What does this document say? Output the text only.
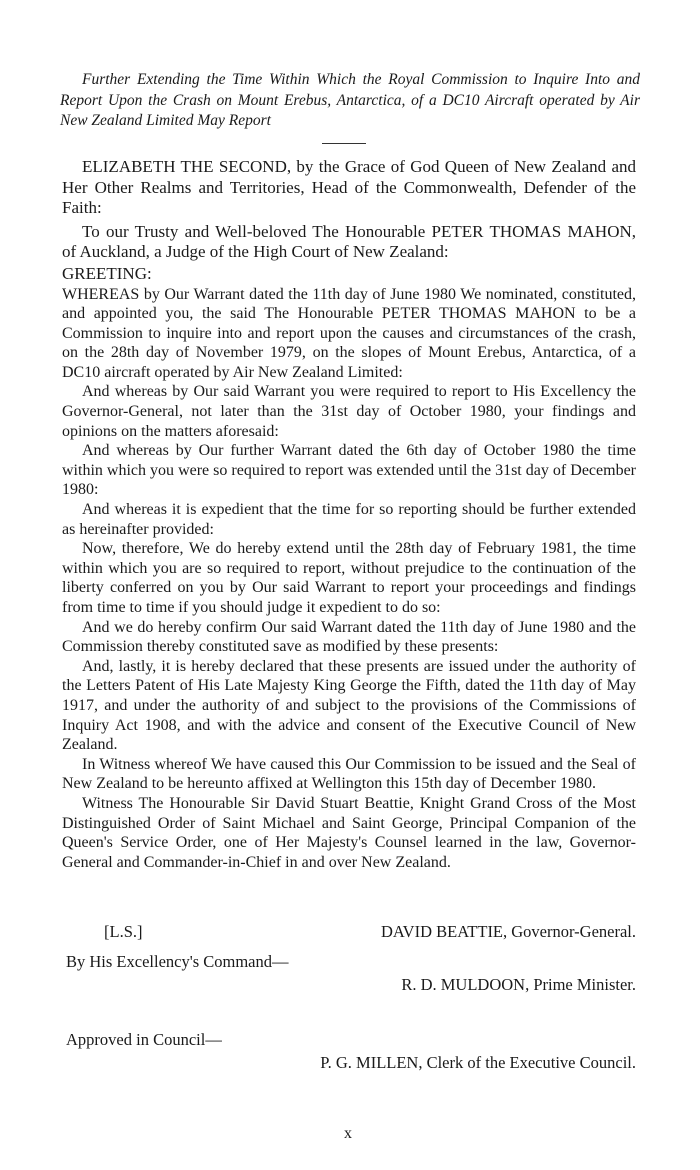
Further Extending the Time Within Which the Royal Commission to Inquire Into and Report Upon the Crash on Mount Erebus, Antarctica, of a DC10 Aircraft operated by Air New Zealand Limited May Report

ELIZABETH THE SECOND, by the Grace of God Queen of New Zealand and Her Other Realms and Territories, Head of the Commonwealth, Defender of the Faith:

To our Trusty and Well-beloved The Honourable PETER THOMAS MAHON, of Auckland, a Judge of the High Court of New Zealand:

GREETING:

WHEREAS by Our Warrant dated the 11th day of June 1980 We nominated, constituted, and appointed you, the said The Honourable PETER THOMAS MAHON to be a Commission to inquire into and report upon the causes and circumstances of the crash, on the 28th day of November 1979, on the slopes of Mount Erebus, Antarctica, of a DC10 aircraft operated by Air New Zealand Limited:

And whereas by Our said Warrant you were required to report to His Excellency the Governor-General, not later than the 31st day of October 1980, your findings and opinions on the matters aforesaid:

And whereas by Our further Warrant dated the 6th day of October 1980 the time within which you were so required to report was extended until the 31st day of December 1980:

And whereas it is expedient that the time for so reporting should be further extended as hereinafter provided:

Now, therefore, We do hereby extend until the 28th day of February 1981, the time within which you are so required to report, without prejudice to the continuation of the liberty conferred on you by Our said Warrant to report your proceedings and findings from time to time if you should judge it expedient to do so:

And we do hereby confirm Our said Warrant dated the 11th day of June 1980 and the Commission thereby constituted save as modified by these presents:

And, lastly, it is hereby declared that these presents are issued under the authority of the Letters Patent of His Late Majesty King George the Fifth, dated the 11th day of May 1917, and under the authority of and subject to the provisions of the Commissions of Inquiry Act 1908, and with the advice and consent of the Executive Council of New Zealand.

In Witness whereof We have caused this Our Commission to be issued and the Seal of New Zealand to be hereunto affixed at Wellington this 15th day of December 1980.

Witness The Honourable Sir David Stuart Beattie, Knight Grand Cross of the Most Distinguished Order of Saint Michael and Saint George, Principal Companion of the Queen's Service Order, one of Her Majesty's Counsel learned in the law, Governor-General and Commander-in-Chief in and over New Zealand.

[L.S.]	DAVID BEATTIE, Governor-General.
By His Excellency's Command—
R. D. MULDOON, Prime Minister.
Approved in Council—
P. G. MILLEN, Clerk of the Executive Council.
x
